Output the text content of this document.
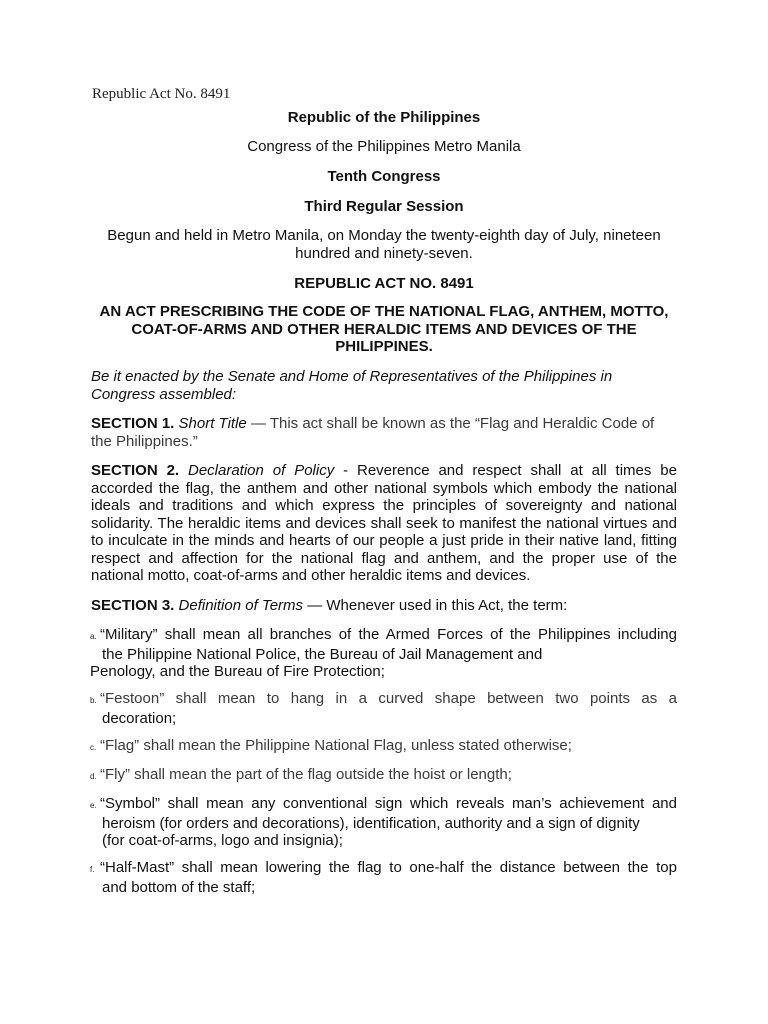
Republic Act No. 8491

Republic of the Philippines

Congress of the Philippines Metro Manila

Tenth Congress

Third Regular Session

Begun and held in Metro Manila, on Monday the twenty-eighth day of July, nineteen hundred and ninety-seven.

REPUBLIC ACT NO. 8491

AN ACT PRESCRIBING THE CODE OF THE NATIONAL FLAG, ANTHEM, MOTTO, COAT-OF-ARMS AND OTHER HERALDIC ITEMS AND DEVICES OF THE PHILIPPINES.

Be it enacted by the Senate and Home of Representatives of the Philippines in Congress assembled:

SECTION 1. Short Title — This act shall be known as the “Flag and Heraldic Code of the Philippines.”

SECTION 2. Declaration of Policy - Reverence and respect shall at all times be accorded the flag, the anthem and other national symbols which embody the national ideals and traditions and which express the principles of sovereignty and national solidarity. The heraldic items and devices shall seek to manifest the national virtues and to inculcate in the minds and hearts of our people a just pride in their native land, fitting respect and affection for the national flag and anthem, and the proper use of the national motto, coat-of-arms and other heraldic items and devices.

SECTION 3. Definition of Terms — Whenever used in this Act, the term:

a. “Military” shall mean all branches of the Armed Forces of the Philippines including
the Philippine National Police, the Bureau of Jail Management and
Penology, and the Bureau of Fire Protection;
b. “Festoon” shall mean to hang in a curved shape between two points as a
decoration;
c. “Flag” shall mean the Philippine National Flag, unless stated otherwise;
d. “Fly” shall mean the part of the flag outside the hoist or length;
e. “Symbol” shall mean any conventional sign which reveals man’s achievement and
heroism (for orders and decorations), identification, authority and a sign of dignity
(for coat-of-arms, logo and insignia);
f. “Half-Mast” shall mean lowering the flag to one-half the distance between the top
and bottom of the staff;
